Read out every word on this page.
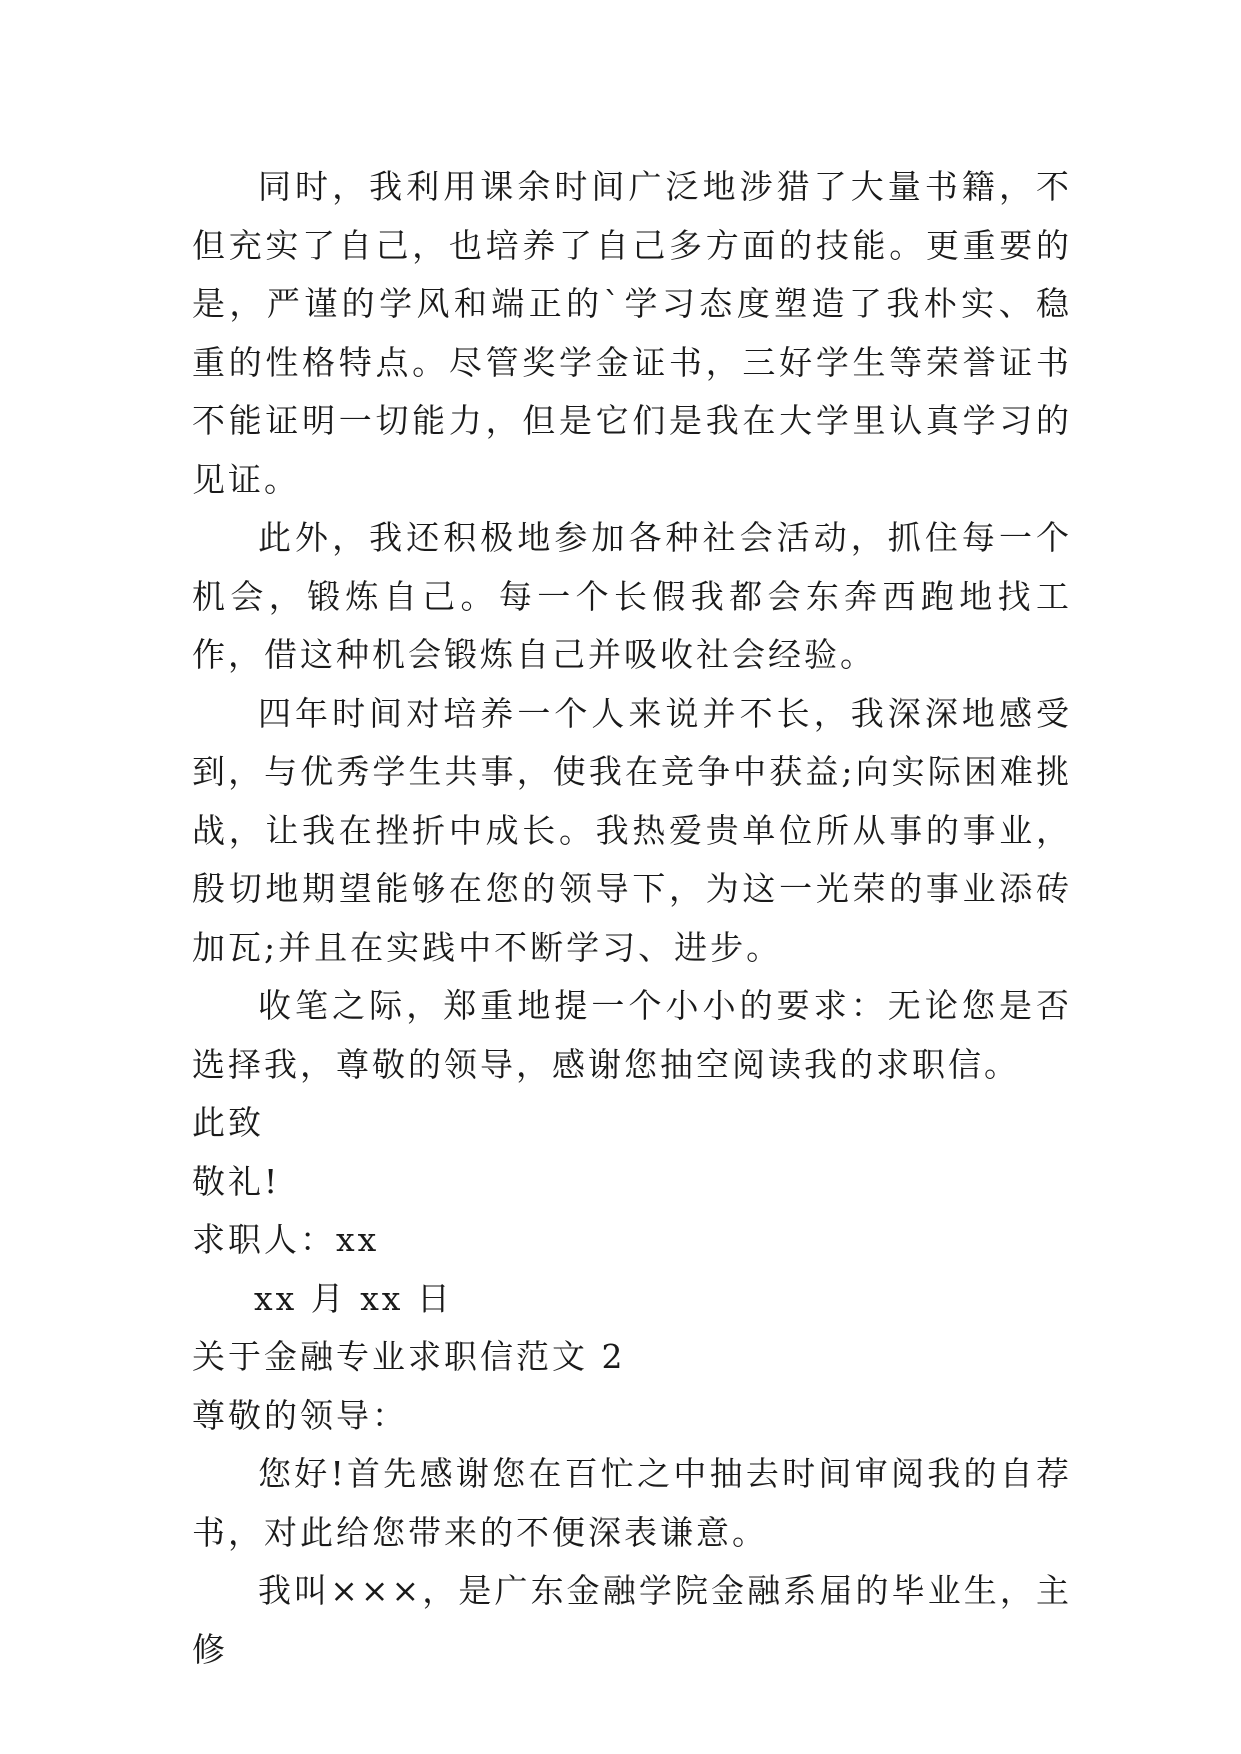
同时，我利用课余时间广泛地涉猎了大量书籍，不但充实了自己，也培养了自己多方面的技能。更重要的是，严谨的学风和端正的`学习态度塑造了我朴实、稳重的性格特点。尽管奖学金证书，三好学生等荣誉证书不能证明一切能力，但是它们是我在大学里认真学习的见证。

此外，我还积极地参加各种社会活动，抓住每一个机会，锻炼自己。每一个长假我都会东奔西跑地找工作，借这种机会锻炼自己并吸收社会经验。

四年时间对培养一个人来说并不长，我深深地感受到，与优秀学生共事，使我在竞争中获益;向实际困难挑战，让我在挫折中成长。我热爱贵单位所从事的事业，殷切地期望能够在您的领导下，为这一光荣的事业添砖加瓦;并且在实践中不断学习、进步。

收笔之际，郑重地提一个小小的要求：无论您是否选择我，尊敬的领导，感谢您抽空阅读我的求职信。

此致

敬礼!

求职人：xx

xx 月 xx 日

关于金融专业求职信范文 2

尊敬的领导：

您好!首先感谢您在百忙之中抽去时间审阅我的自荐书，对此给您带来的不便深表谦意。

我叫×××，是广东金融学院金融系届的毕业生，主修
